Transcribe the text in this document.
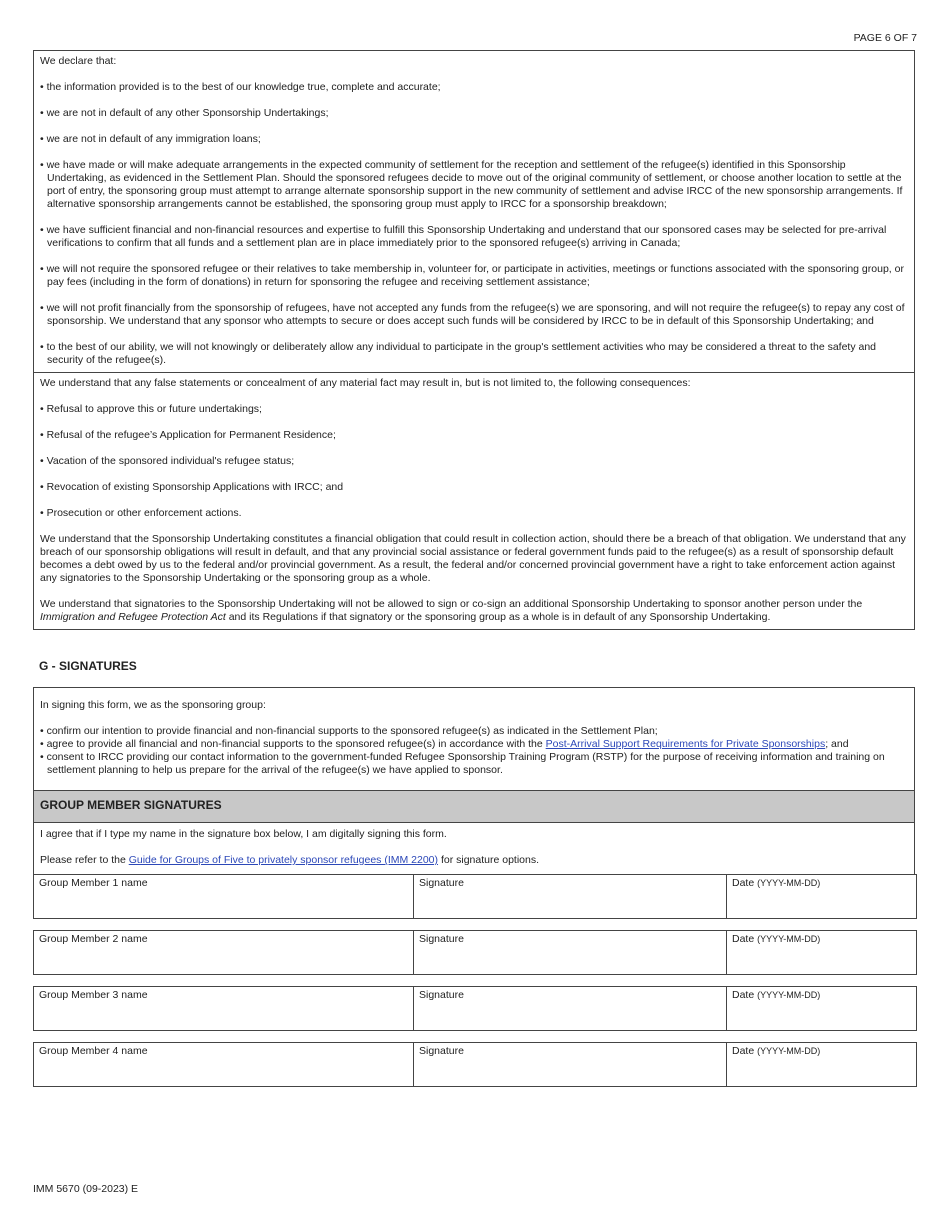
PAGE 6 OF 7

We declare that:

• the information provided is to the best of our knowledge true, complete and accurate;

• we are not in default of any other Sponsorship Undertakings;

• we are not in default of any immigration loans;

• we have made or will make adequate arrangements in the expected community of settlement for the reception and settlement of the refugee(s) identified in this Sponsorship Undertaking, as evidenced in the Settlement Plan. Should the sponsored refugees decide to move out of the original community of settlement, or choose another location to settle at the port of entry, the sponsoring group must attempt to arrange alternate sponsorship support in the new community of settlement and advise IRCC of the new sponsorship arrangements. If alternative sponsorship arrangements cannot be established, the sponsoring group must apply to IRCC for a sponsorship breakdown;

• we have sufficient financial and non-financial resources and expertise to fulfill this Sponsorship Undertaking and understand that our sponsored cases may be selected for pre-arrival verifications to confirm that all funds and a settlement plan are in place immediately prior to the sponsored refugee(s) arriving in Canada;

• we will not require the sponsored refugee or their relatives to take membership in, volunteer for, or participate in activities, meetings or functions associated with the sponsoring group, or pay fees (including in the form of donations) in return for sponsoring the refugee and receiving settlement assistance;

• we will not profit financially from the sponsorship of refugees, have not accepted any funds from the refugee(s) we are sponsoring, and will not require the refugee(s) to repay any cost of sponsorship. We understand that any sponsor who attempts to secure or does accept such funds will be considered by IRCC to be in default of this Sponsorship Undertaking; and

• to the best of our ability, we will not knowingly or deliberately allow any individual to participate in the group's settlement activities who may be considered a threat to the safety and security of the refugee(s).

We understand that any false statements or concealment of any material fact may result in, but is not limited to, the following consequences:

• Refusal to approve this or future undertakings;

• Refusal of the refugee’s Application for Permanent Residence;

• Vacation of the sponsored individual's refugee status;

• Revocation of existing Sponsorship Applications with IRCC; and

• Prosecution or other enforcement actions.

We understand that the Sponsorship Undertaking constitutes a financial obligation that could result in collection action, should there be a breach of that obligation. We understand that any breach of our sponsorship obligations will result in default, and that any provincial social assistance or federal government funds paid to the refugee(s) as a result of sponsorship default becomes a debt owed by us to the federal and/or provincial government. As a result, the federal and/or concerned provincial government have a right to take enforcement action against any signatories to the Sponsorship Undertaking or the sponsoring group as a whole.

We understand that signatories to the Sponsorship Undertaking will not be allowed to sign or co-sign an additional Sponsorship Undertaking to sponsor another person under the Immigration and Refugee Protection Act and its Regulations if that signatory or the sponsoring group as a whole is in default of any Sponsorship Undertaking.

G - SIGNATURES

In signing this form, we as the sponsoring group:

• confirm our intention to provide financial and non-financial supports to the sponsored refugee(s) as indicated in the Settlement Plan;

• agree to provide all financial and non-financial supports to the sponsored refugee(s) in accordance with the Post-Arrival Support Requirements for Private Sponsorships; and

• consent to IRCC providing our contact information to the government-funded Refugee Sponsorship Training Program (RSTP) for the purpose of receiving information and training on settlement planning to help us prepare for the arrival of the refugee(s) we have applied to sponsor.

GROUP MEMBER SIGNATURES

I agree that if I type my name in the signature box below, I am digitally signing this form.

Please refer to the Guide for Groups of Five to privately sponsor refugees (IMM 2200) for signature options.

Group Member 1 name	Signature	Date (YYYY-MM-DD)
Group Member 2 name	Signature	Date (YYYY-MM-DD)
Group Member 3 name	Signature	Date (YYYY-MM-DD)
Group Member 4 name	Signature	Date (YYYY-MM-DD)
IMM 5670 (09-2023) E
